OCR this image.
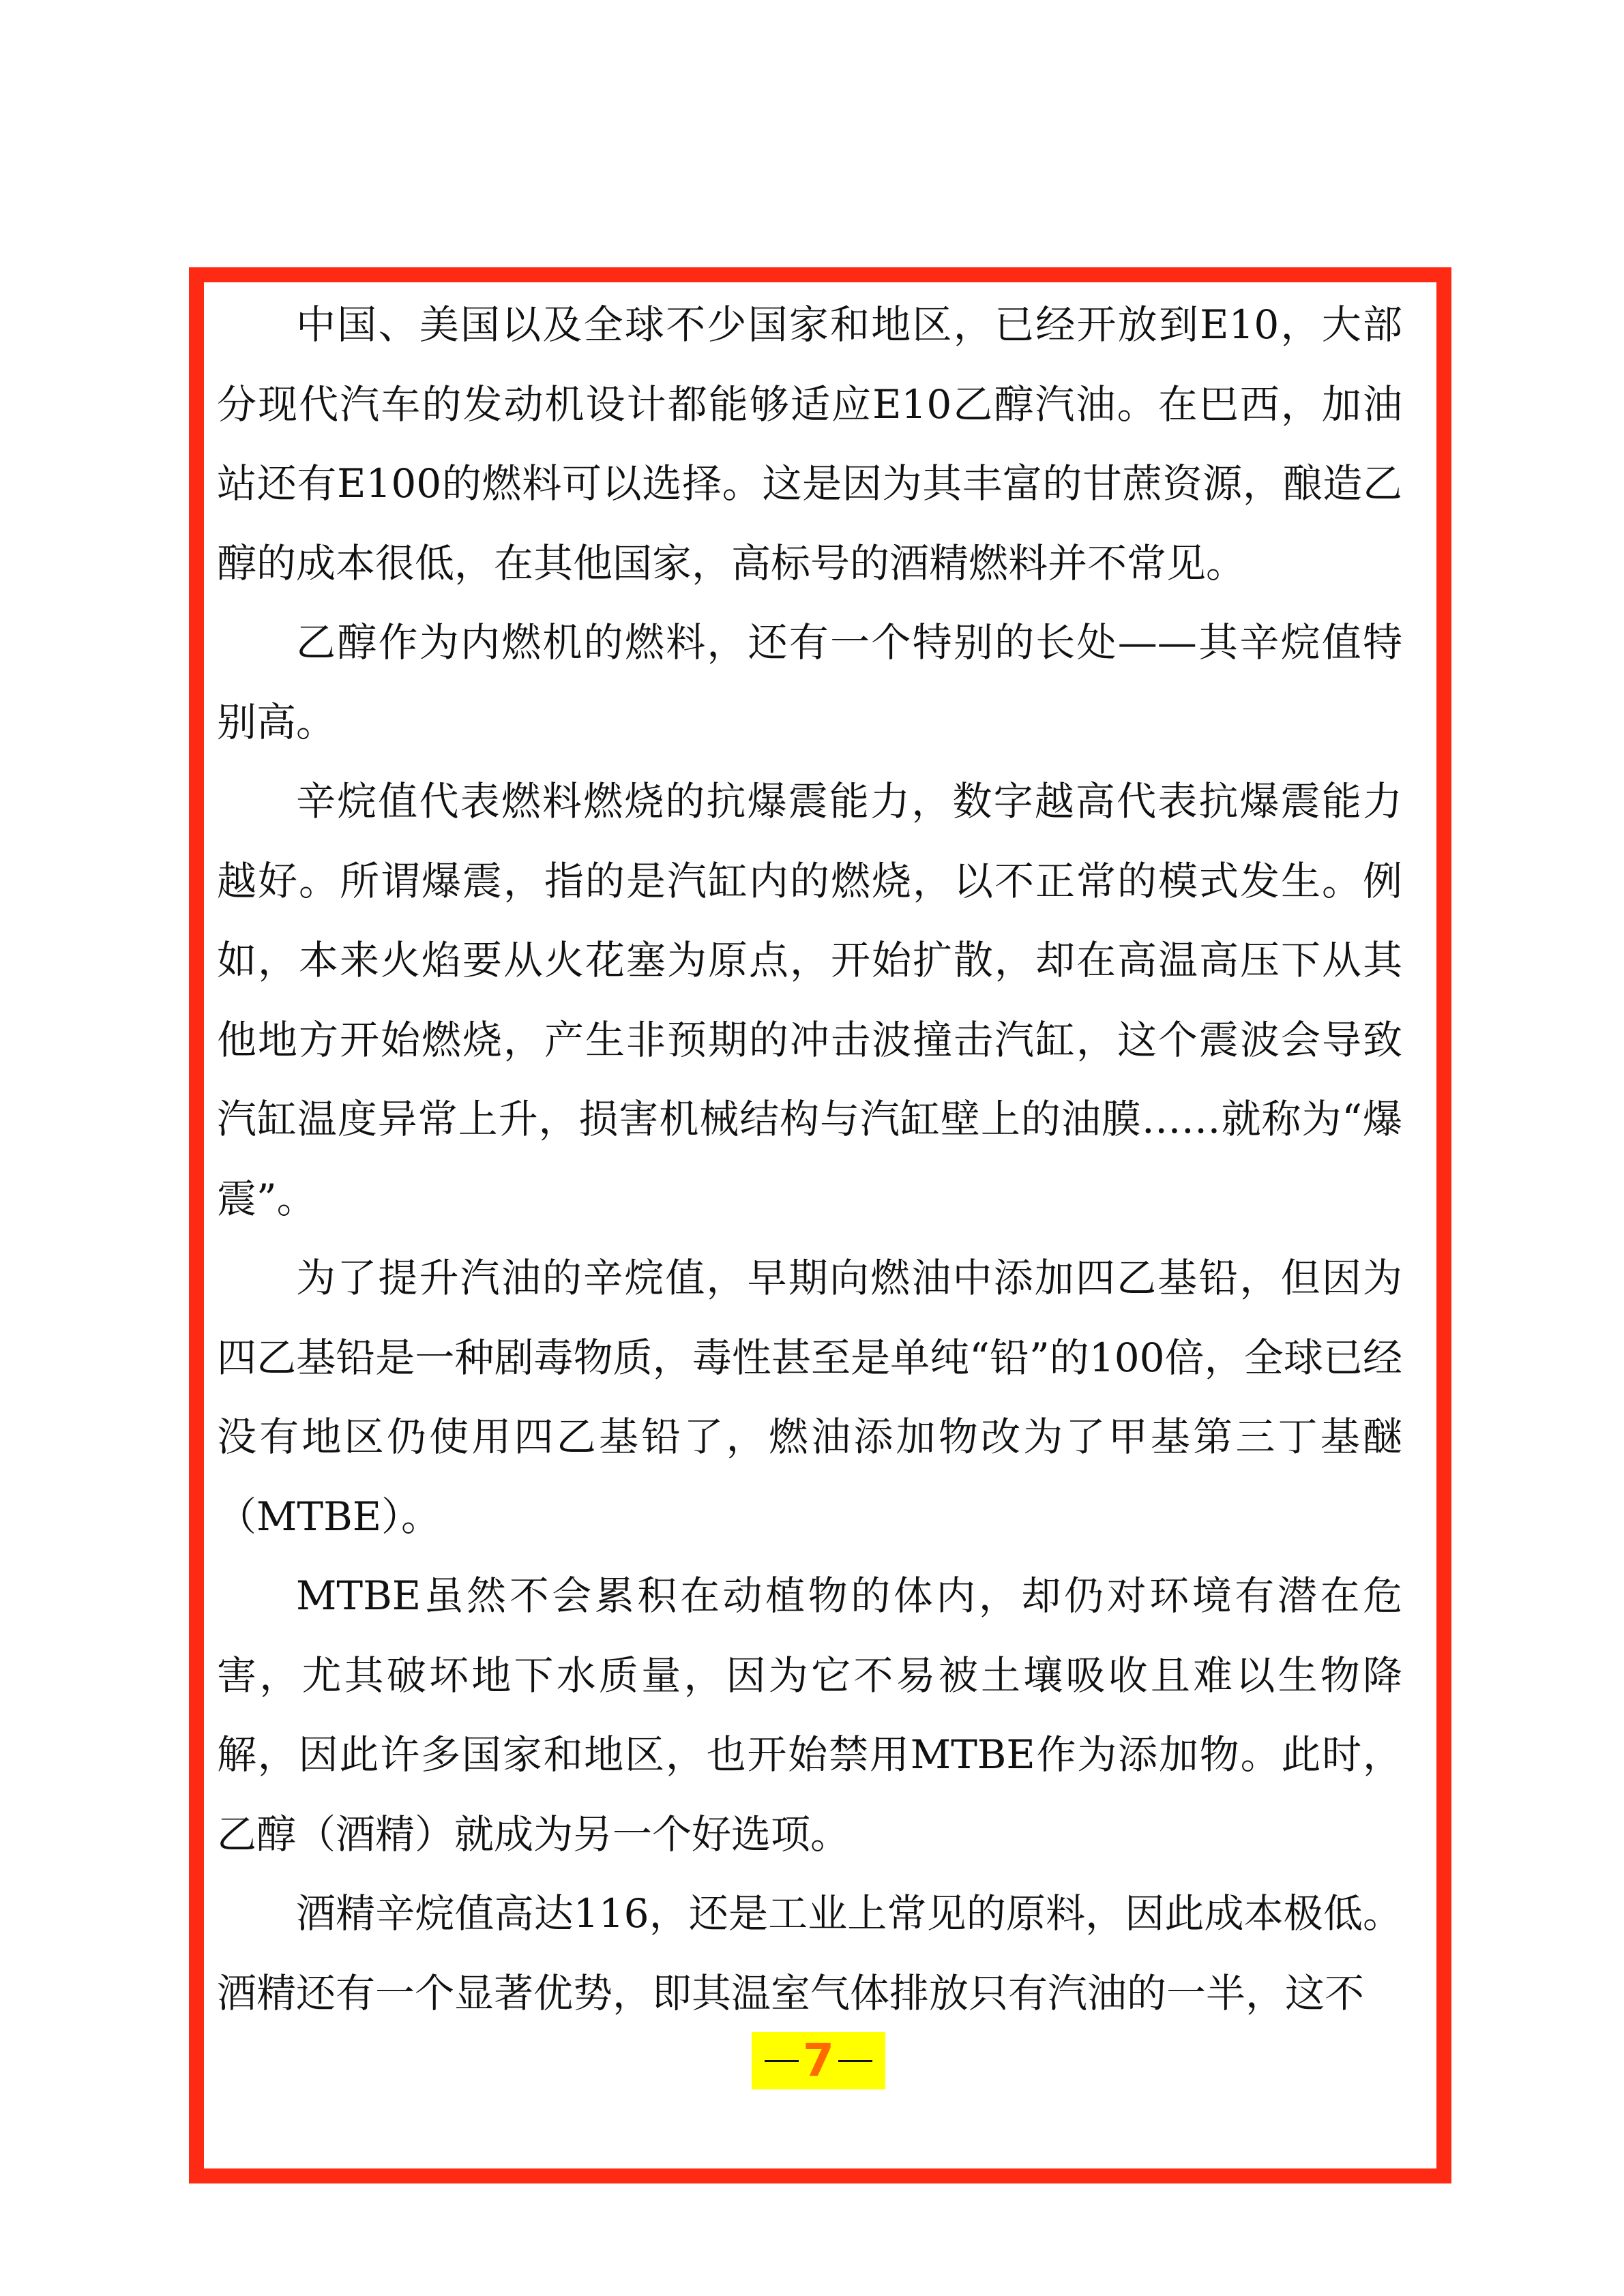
中国、美国以及全球不少国家和地区，已经开放到E10，大部分现代汽车的发动机设计都能够适应E10乙醇汽油。在巴西，加油站还有E100的燃料可以选择。这是因为其丰富的甘蔗资源，酿造乙醇的成本很低，在其他国家，高标号的酒精燃料并不常见。

乙醇作为内燃机的燃料，还有一个特别的长处——其辛烷值特别高。

辛烷值代表燃料燃烧的抗爆震能力，数字越高代表抗爆震能力越好。所谓爆震，指的是汽缸内的燃烧，以不正常的模式发生。例如，本来火焰要从火花塞为原点，开始扩散，却在高温高压下从其他地方开始燃烧，产生非预期的冲击波撞击汽缸，这个震波会导致汽缸温度异常上升，损害机械结构与汽缸壁上的油膜……就称为“爆震”。

为了提升汽油的辛烷值，早期向燃油中添加四乙基铅，但因为四乙基铅是一种剧毒物质，毒性甚至是单纯“铅”的100倍，全球已经没有地区仍使用四乙基铅了，燃油添加物改为了甲基第三丁基醚（MTBE）。

MTBE虽然不会累积在动植物的体内，却仍对环境有潜在危害，尤其破坏地下水质量，因为它不易被土壤吸收且难以生物降解，因此许多国家和地区，也开始禁用MTBE作为添加物。此时，乙醇（酒精）就成为另一个好选项。

酒精辛烷值高达116，还是工业上常见的原料，因此成本极低。酒精还有一个显著优势，即其温室气体排放只有汽油的一半，这不

7
